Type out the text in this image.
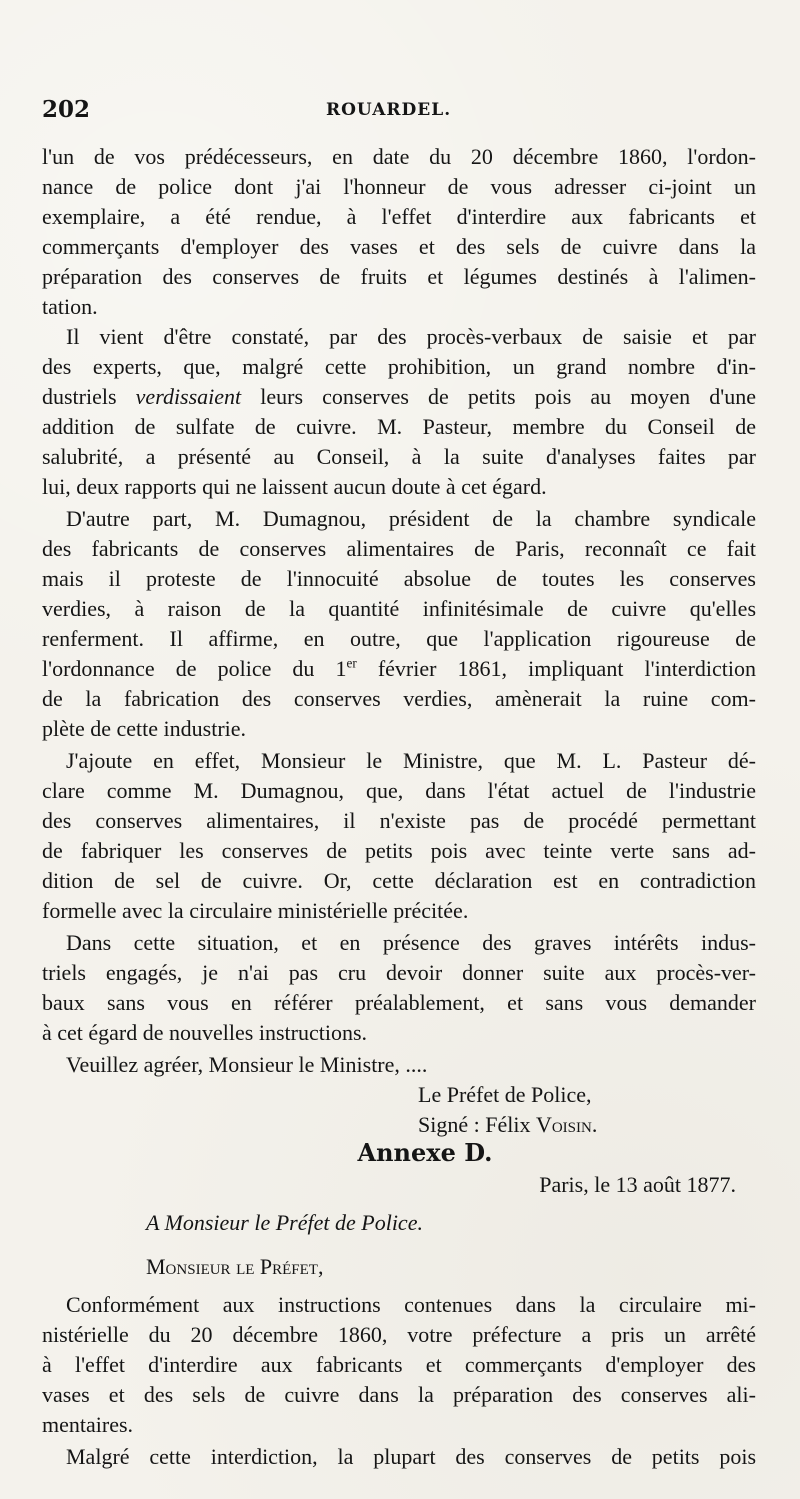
202	ROUARDEL.
l'un de vos prédécesseurs, en date du 20 décembre 1860, l'ordon-
nance de police dont j'ai l'honneur de vous adresser ci-joint un
exemplaire, a été rendue, à l'effet d'interdire aux fabricants et
commerçants d'employer des vases et des sels de cuivre dans la
préparation des conserves de fruits et légumes destinés à l'alimen-
tation.
Il vient d'être constaté, par des procès-verbaux de saisie et par
des experts, que, malgré cette prohibition, un grand nombre d'in-
dustriels verdissaient leurs conserves de petits pois au moyen d'une
addition de sulfate de cuivre. M. Pasteur, membre du Conseil de
salubrité, a présenté au Conseil, à la suite d'analyses faites par
lui, deux rapports qui ne laissent aucun doute à cet égard.
D'autre part, M. Dumagnou, président de la chambre syndicale
des fabricants de conserves alimentaires de Paris, reconnaît ce fait
mais il proteste de l'innocuité absolue de toutes les conserves
verdies, à raison de la quantité infinitésimale de cuivre qu'elles
renferment. Il affirme, en outre, que l'application rigoureuse de
l'ordonnance de police du 1er février 1861, impliquant l'interdiction
de la fabrication des conserves verdies, amènerait la ruine com-
plète de cette industrie.
J'ajoute en effet, Monsieur le Ministre, que M. L. Pasteur dé-
clare comme M. Dumagnou, que, dans l'état actuel de l'industrie
des conserves alimentaires, il n'existe pas de procédé permettant
de fabriquer les conserves de petits pois avec teinte verte sans ad-
dition de sel de cuivre. Or, cette déclaration est en contradiction
formelle avec la circulaire ministérielle précitée.
Dans cette situation, et en présence des graves intérêts indus-
triels engagés, je n'ai pas cru devoir donner suite aux procès-ver-
baux sans vous en référer préalablement, et sans vous demander
à cet égard de nouvelles instructions.
Veuillez agréer, Monsieur le Ministre, ....
Le Préfet de Police,
Signé : Félix Voisin.
Annexe D.
Paris, le 13 août 1877.
A Monsieur le Préfet de Police.
Monsieur le Préfet,
Conformément aux instructions contenues dans la circulaire mi-
nistérielle du 20 décembre 1860, votre préfecture a pris un arrêté
à l'effet d'interdire aux fabricants et commerçants d'employer des
vases et des sels de cuivre dans la préparation des conserves ali-
mentaires.
Malgré cette interdiction, la plupart des conserves de petits pois
